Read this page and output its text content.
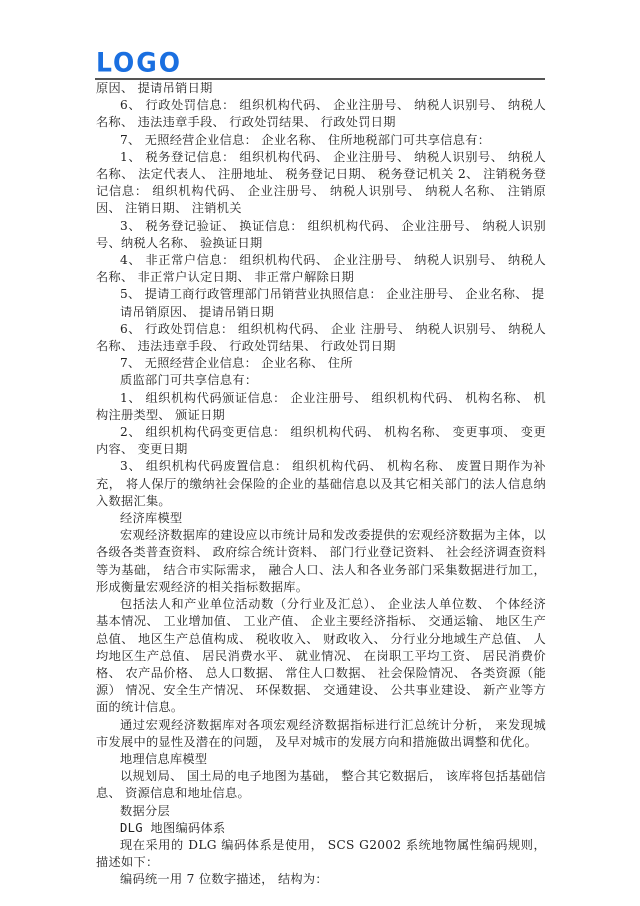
LOGO

原因、 提请吊销日期

6、 行政处罚信息： 组织机构代码、 企业注册号、 纳税人识别号、 纳税人名称、 违法违章手段、 行政处罚结果、 行政处罚日期

7、 无照经营企业信息： 企业名称、 住所地税部门可共享信息有：

1、 税务登记信息： 组织机构代码、 企业注册号、 纳税人识别号、 纳税人名称、 法定代表人、 注册地址、 税务登记日期、 税务登记机关 2、 注销税务登记信息： 组织机构代码、 企业注册号、 纳税人识别号、 纳税人名称、 注销原因、 注销日期、 注销机关

3、 税务登记验证、 换证信息： 组织机构代码、 企业注册号、 纳税人识别号、纳税人名称、 验换证日期

4、 非正常户信息： 组织机构代码、 企业注册号、 纳税人识别号、 纳税人名称、 非正常户认定日期、 非正常户解除日期

5、 提请工商行政管理部门吊销营业执照信息： 企业注册号、 企业名称、 提

请吊销原因、 提请吊销日期

6、 行政处罚信息： 组织机构代码、 企业 注册号、 纳税人识别号、 纳税人名称、 违法违章手段、 行政处罚结果、 行政处罚日期

7、 无照经营企业信息： 企业名称、 住所

质监部门可共享信息有：

1、 组织机构代码颁证信息： 企业注册号、 组织机构代码、 机构名称、 机构注册类型、 颁证日期

2、 组织机构代码变更信息： 组织机构代码、 机构名称、 变更事项、 变更内容、 变更日期

3、 组织机构代码废置信息： 组织机构代码、 机构名称、 废置日期作为补充， 将人保厅的缴纳社会保险的企业的基础信息以及其它相关部门的法人信息纳入数据汇集。

经济库模型

宏观经济数据库的建设应以市统计局和发改委提供的宏观经济数据为主体，以各级各类普查资料、 政府综合统计资料、 部门行业登记资料、 社会经济调查资料等为基础， 结合市实际需求， 融合人口、法人和各业务部门采集数据进行加工，形成衡量宏观经济的相关指标数据库。

包括法人和产业单位活动数（分行业及汇总）、 企业法人单位数、 个体经济基本情况、 工业增加值、 工业产值、 企业主要经济指标、 交通运输、 地区生产总值、 地区生产总值构成、 税收收入、 财政收入、 分行业分地域生产总值、 人均地区生产总值、 居民消费水平、 就业情况、 在岗职工平均工资、 居民消费价格、 农产品价格、 总人口数据、 常住人口数据、 社会保险情况、 各类资源（能源） 情况、安全生产情况、 环保数据、 交通建设、 公共事业建设、 新产业等方面的统计信息。

通过宏观经济数据库对各项宏观经济数据指标进行汇总统计分析， 来发现城市发展中的显性及潜在的问题， 及早对城市的发展方向和措施做出调整和优化。

地理信息库模型

以规划局、 国土局的电子地图为基础， 整合其它数据后， 该库将包括基础信息、 资源信息和地址信息。

数据分层

DLG 地图编码体系

现在采用的 DLG 编码体系是使用， SCS G2002 系统地物属性编码规则， 描述如下：

编码统一用 7 位数字描述， 结构为：
